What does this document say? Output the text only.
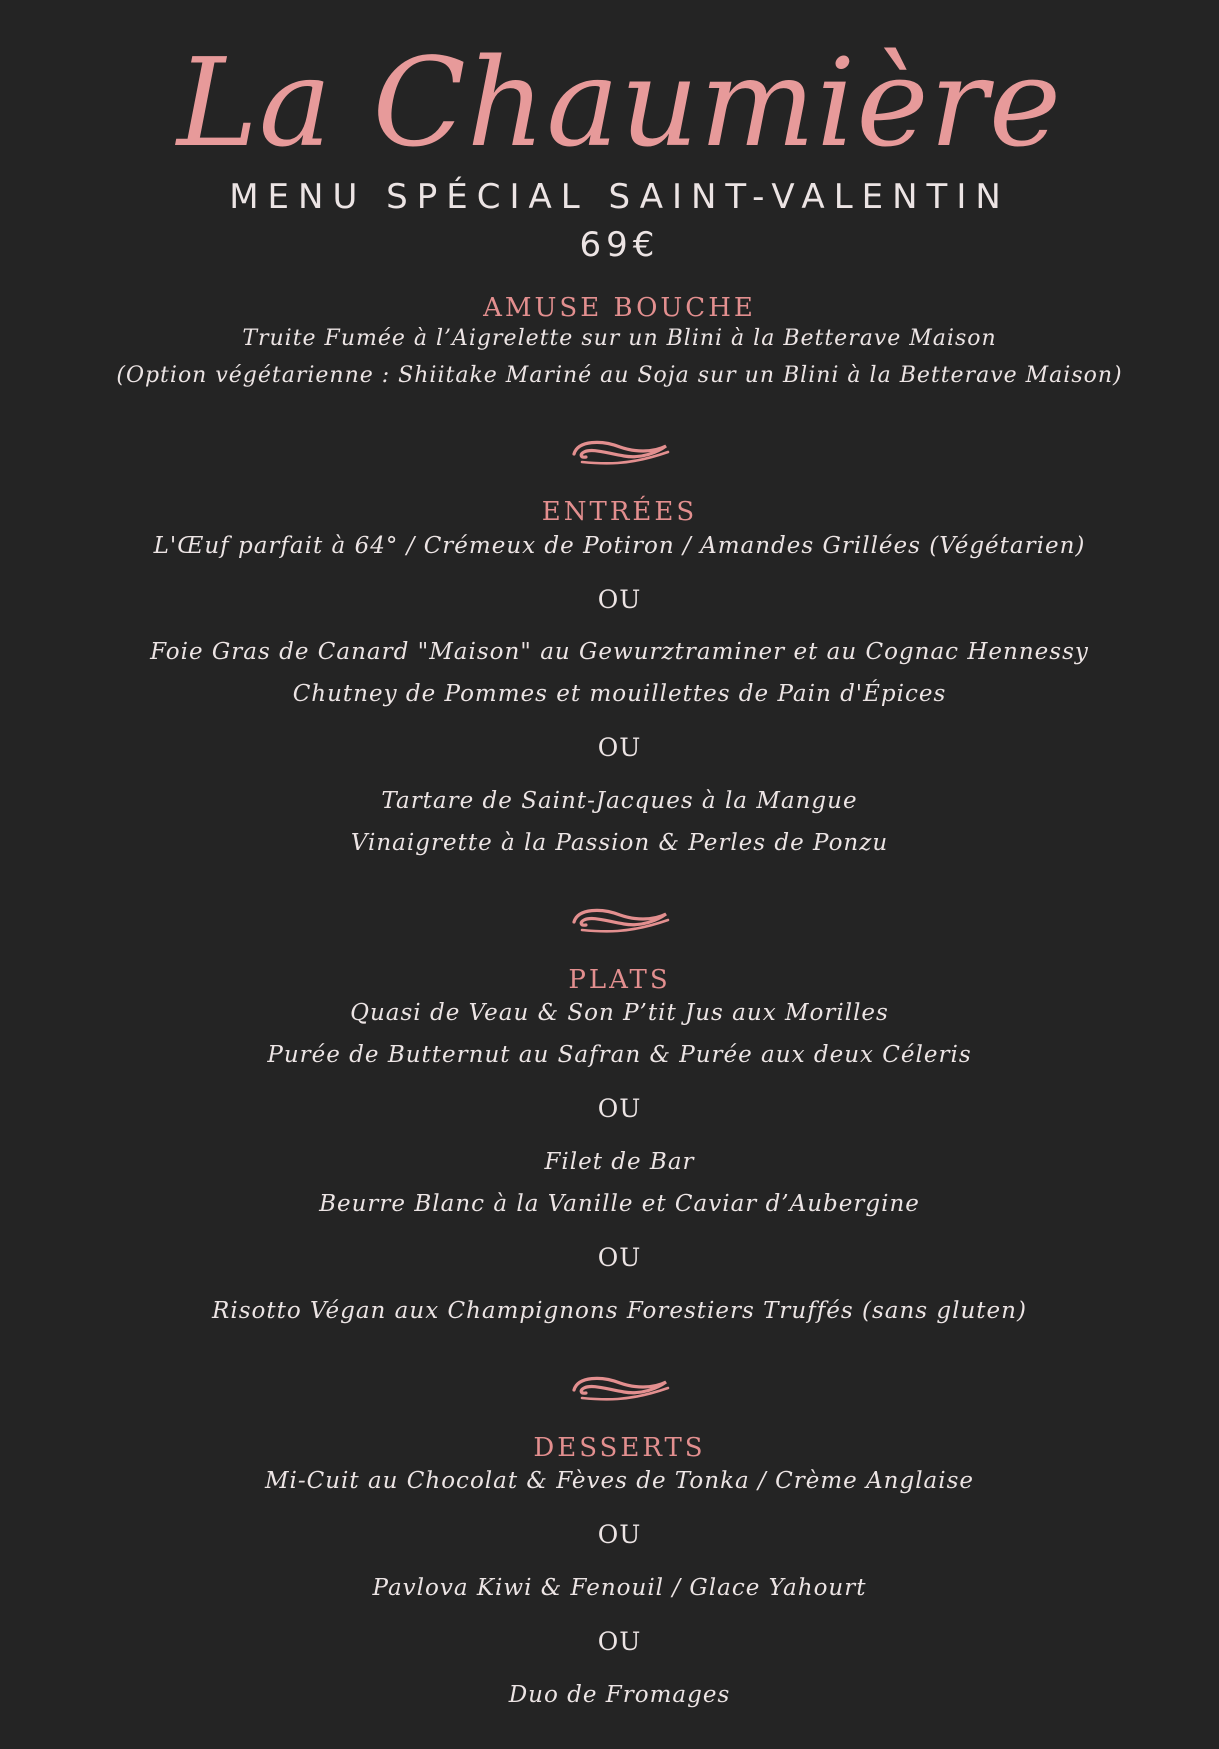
La Chaumière
MENU SPÉCIAL SAINT-VALENTIN
69€
AMUSE BOUCHE
Truite Fumée à l’Aigrelette sur un Blini à la Betterave Maison
(Option végétarienne : Shiitake Mariné au Soja sur un Blini à la Betterave Maison)
ENTRÉES
L'Œuf parfait à 64° / Crémeux de Potiron / Amandes Grillées (Végétarien)
OU
Foie Gras de Canard "Maison" au Gewurztraminer et au Cognac Hennessy
Chutney de Pommes et mouillettes de Pain d'Épices
OU
Tartare de Saint-Jacques à la Mangue
Vinaigrette à la Passion & Perles de Ponzu
PLATS
Quasi de Veau & Son P’tit Jus aux Morilles
Purée de Butternut au Safran & Purée aux deux Céleris
OU
Filet de Bar
Beurre Blanc à la Vanille et Caviar d’Aubergine
OU
Risotto Végan aux Champignons Forestiers Truffés (sans gluten)
DESSERTS
Mi-Cuit au Chocolat & Fèves de Tonka / Crème Anglaise
OU
Pavlova Kiwi & Fenouil / Glace Yahourt
OU
Duo de Fromages
